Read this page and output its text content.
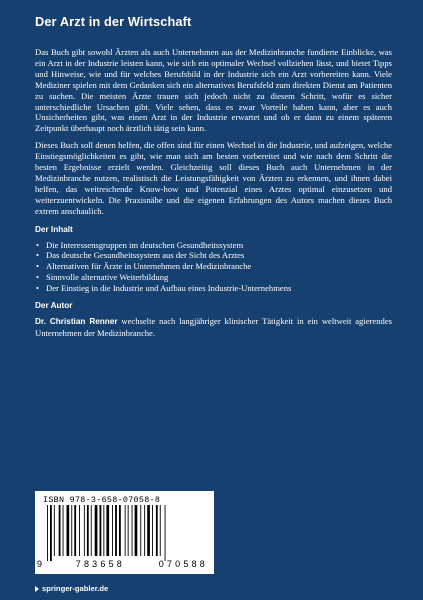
Der Arzt in der Wirtschaft

Das Buch gibt sowohl Ärzten als auch Unternehmen aus der Medizinbranche fundierte Einblicke, was ein Arzt in der Industrie leisten kann, wie sich ein optimaler Wechsel vollziehen lässt, und bietet Tipps und Hinweise, wie und für welches Berufsbild in der Industrie sich ein Arzt vorbereiten kann. Viele Mediziner spielen mit dem Gedanken sich ein alternatives Berufsfeld zum direkten Dienst am Patienten zu suchen. Die meisten Ärzte trauen sich jedoch nicht zu diesem Schritt, wofür es sicher unterschiedliche Ursachen gibt. Viele sehen, dass es zwar Vorteile haben kann, aber es auch Unsicherheiten gibt, was einen Arzt in der Industrie erwartet und ob er dann zu einem späteren Zeitpunkt überhaupt noch ärztlich tätig sein kann.

Dieses Buch soll denen helfen, die offen sind für einen Wechsel in die Industrie, und aufzeigen, welche Einstiegsmöglichkeiten es gibt, wie man sich am besten vorbereitet und wie nach dem Schritt die besten Ergebnisse erzielt werden. Gleichzeitig soll dieses Buch auch Unternehmen in der Medizinbranche nutzen, realistisch die Leistungsfähigkeit von Ärzten zu erkennen, und ihnen dabei helfen, das weitreichende Know-how und Potenzial eines Arztes optimal einzusetzen und weiterzuentwickeln. Die Praxisnähe und die eigenen Erfahrungen des Autors machen dieses Buch extrem anschaulich.

Der Inhalt
• Die Interessensgruppen im deutschen Gesundheitssystem
• Das deutsche Gesundheitssystem aus der Sicht des Arztes
• Alternativen für Ärzte in Unternehmen der Medizinbranche
• Sinnvolle alternative Weiterbildung
• Der Einstieg in die Industrie und Aufbau eines Industrie-Unternehmens
Der Autor

Dr. Christian Renner wechselte nach langjähriger klinischer Tätigkeit in ein weltweit agierendes Unternehmen der Medizinbranche.

ISBN 978-3-658-07058-8
9	783658	070588
springer-gabler.de
